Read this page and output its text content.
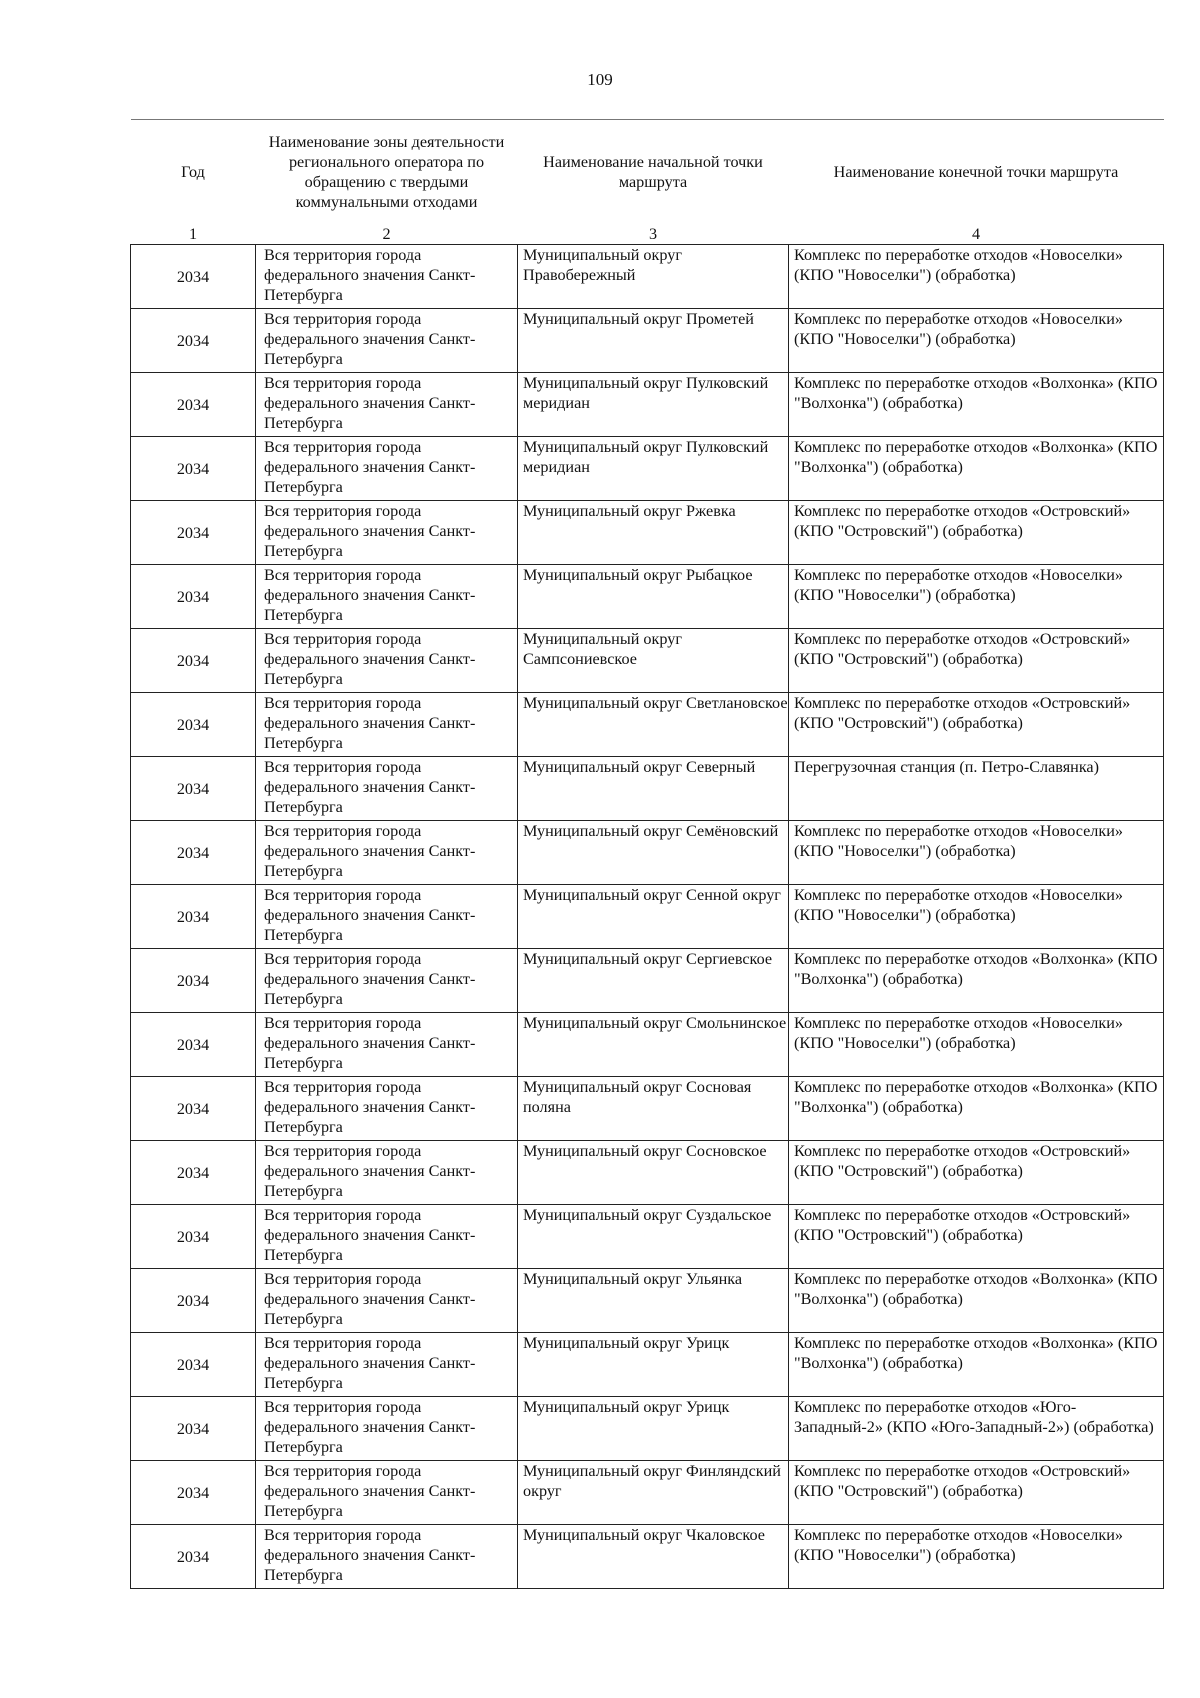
109
Год	Наименование зоны деятельности регионального оператора по обращению с твердыми коммунальными отходами	Наименование начальной точки маршрута	Наименование конечной точки маршрута
1	2	3	4
2034	Вся территория города федерального значения Санкт-Петербурга	Муниципальный округ Правобережный	Комплекс по переработке отходов «Новоселки» (КПО "Новоселки") (обработка)
2034	Вся территория города федерального значения Санкт-Петербурга	Муниципальный округ Прометей	Комплекс по переработке отходов «Новоселки» (КПО "Новоселки") (обработка)
2034	Вся территория города федерального значения Санкт-Петербурга	Муниципальный округ Пулковский меридиан	Комплекс по переработке отходов «Волхонка» (КПО "Волхонка") (обработка)
2034	Вся территория города федерального значения Санкт-Петербурга	Муниципальный округ Пулковский меридиан	Комплекс по переработке отходов «Волхонка» (КПО "Волхонка") (обработка)
2034	Вся территория города федерального значения Санкт-Петербурга	Муниципальный округ Ржевка	Комплекс по переработке отходов «Островский» (КПО "Островский") (обработка)
2034	Вся территория города федерального значения Санкт-Петербурга	Муниципальный округ Рыбацкое	Комплекс по переработке отходов «Новоселки» (КПО "Новоселки") (обработка)
2034	Вся территория города федерального значения Санкт-Петербурга	Муниципальный округ Сампсониевское	Комплекс по переработке отходов «Островский» (КПО "Островский") (обработка)
2034	Вся территория города федерального значения Санкт-Петербурга	Муниципальный округ Светлановское	Комплекс по переработке отходов «Островский» (КПО "Островский") (обработка)
2034	Вся территория города федерального значения Санкт-Петербурга	Муниципальный округ Северный	Перегрузочная станция (п. Петро-Славянка)
2034	Вся территория города федерального значения Санкт-Петербурга	Муниципальный округ Семёновский	Комплекс по переработке отходов «Новоселки» (КПО "Новоселки") (обработка)
2034	Вся территория города федерального значения Санкт-Петербурга	Муниципальный округ Сенной округ	Комплекс по переработке отходов «Новоселки» (КПО "Новоселки") (обработка)
2034	Вся территория города федерального значения Санкт-Петербурга	Муниципальный округ Сергиевское	Комплекс по переработке отходов «Волхонка» (КПО "Волхонка") (обработка)
2034	Вся территория города федерального значения Санкт-Петербурга	Муниципальный округ Смольнинское	Комплекс по переработке отходов «Новоселки» (КПО "Новоселки") (обработка)
2034	Вся территория города федерального значения Санкт-Петербурга	Муниципальный округ Сосновая поляна	Комплекс по переработке отходов «Волхонка» (КПО "Волхонка") (обработка)
2034	Вся территория города федерального значения Санкт-Петербурга	Муниципальный округ Сосновское	Комплекс по переработке отходов «Островский» (КПО "Островский") (обработка)
2034	Вся территория города федерального значения Санкт-Петербурга	Муниципальный округ Суздальское	Комплекс по переработке отходов «Островский» (КПО "Островский") (обработка)
2034	Вся территория города федерального значения Санкт-Петербурга	Муниципальный округ Ульянка	Комплекс по переработке отходов «Волхонка» (КПО "Волхонка") (обработка)
2034	Вся территория города федерального значения Санкт-Петербурга	Муниципальный округ Урицк	Комплекс по переработке отходов «Волхонка» (КПО "Волхонка") (обработка)
2034	Вся территория города федерального значения Санкт-Петербурга	Муниципальный округ Урицк	Комплекс по переработке отходов «Юго-Западный-2» (КПО «Юго-Западный-2») (обработка)
2034	Вся территория города федерального значения Санкт-Петербурга	Муниципальный округ Финляндский округ	Комплекс по переработке отходов «Островский» (КПО "Островский") (обработка)
2034	Вся территория города федерального значения Санкт-Петербурга	Муниципальный округ Чкаловское	Комплекс по переработке отходов «Новоселки» (КПО "Новоселки") (обработка)
